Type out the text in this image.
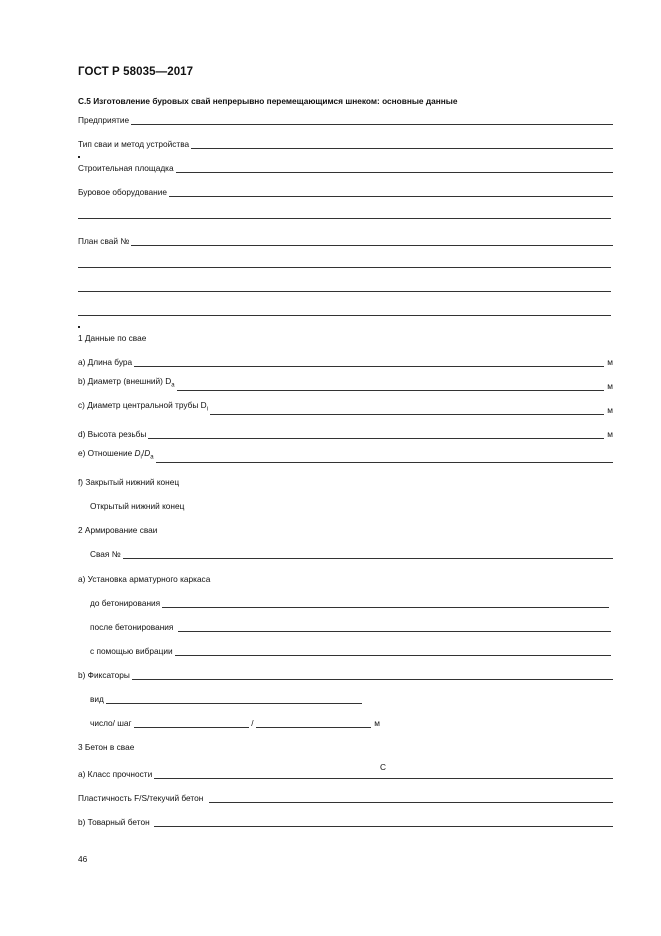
ГОСТ Р 58035—2017
С.5 Изготовление буровых свай непрерывно перемещающимся шнеком: основные данные
Предприятие
Тип сваи и метод устройства
Строительная площадка
Буровое оборудование
План свай №
1 Данные по свае
а) Длина бура	м
b) Диаметр (внешний) $D_a$	м
c) Диаметр центральной трубы $D_i$	м
d) Высота резьбы	м
e) Отношение $D_i/D_a$
f) Закрытый нижний конец
Открытый нижний конец
2 Армирование сваи
Свая №
а) Установка арматурного каркаса
до бетонирования
после бетонирования
с помощью вибрации
b) Фиксаторы
вид
число/ шаг	/	м
3 Бетон в свае
а) Класс прочности
С
Пластичность F/S/текучий бетон
b) Товарный бетон
46
